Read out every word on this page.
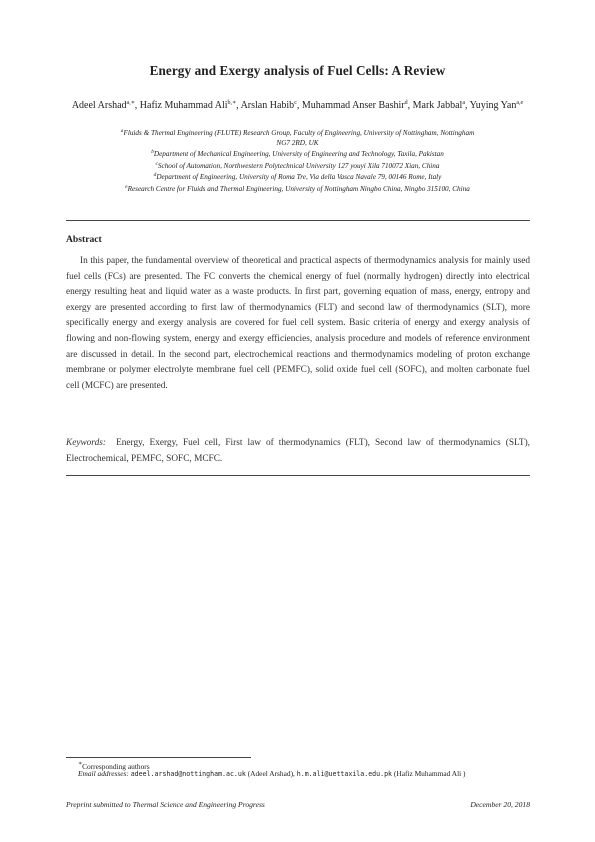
Energy and Exergy analysis of Fuel Cells: A Review
Adeel Arshad$^{a,∗}$, Hafiz Muhammad Ali$^{b,∗}$, Arslan Habib$^c$, Muhammad Anser Bashir$^d$, Mark Jabbal$^a$, Yuying Yan$^{a,e}$
$^a$Fluids & Thermal Engineering (FLUTE) Research Group, Faculty of Engineering, University of Nottingham, Nottingham
NG7 2RD, UK
$^b$Department of Mechanical Engineering, University of Engineering and Technology, Taxila, Pakistan
$^c$School of Automation, Northwestern Polytechnical University 127 youyi Xila 710072 Xian, China
$^d$Department of Engineering, University of Roma Tre, Via della Vasca Navale 79, 00146 Rome, Italy
$^e$Research Centre for Fluids and Thermal Engineering, University of Nottingham Ningbo China, Ningbo 315100, China
Abstract

In this paper, the fundamental overview of theoretical and practical aspects of thermodynamics analysis for mainly used fuel cells (FCs) are presented. The FC converts the chemical energy of fuel (normally hydrogen) directly into electrical energy resulting heat and liquid water as a waste products. In first part, governing equation of mass, energy, entropy and exergy are presented according to first law of thermodynamics (FLT) and second law of thermodynamics (SLT), more specifically energy and exergy analysis are covered for fuel cell system. Basic criteria of energy and exergy analysis of flowing and non-flowing system, energy and exergy efficiencies, analysis procedure and models of reference environment are discussed in detail. In the second part, electrochemical reactions and thermodynamics modeling of proton exchange membrane or polymer electrolyte membrane fuel cell (PEMFC), solid oxide fuel cell (SOFC), and molten carbonate fuel cell (MCFC) are presented.

Keywords: Energy, Exergy, Fuel cell, First law of thermodynamics (FLT), Second law of thermodynamics (SLT), Electrochemical, PEMFC, SOFC, MCFC.
∗Corresponding authors
Email addresses: adeel.arshad@nottingham.ac.uk (Adeel Arshad), h.m.ali@uettaxila.edu.pk (Hafiz Muhammad Ali )
Preprint submitted to Thermal Science and Engineering Progress	December 20, 2018
